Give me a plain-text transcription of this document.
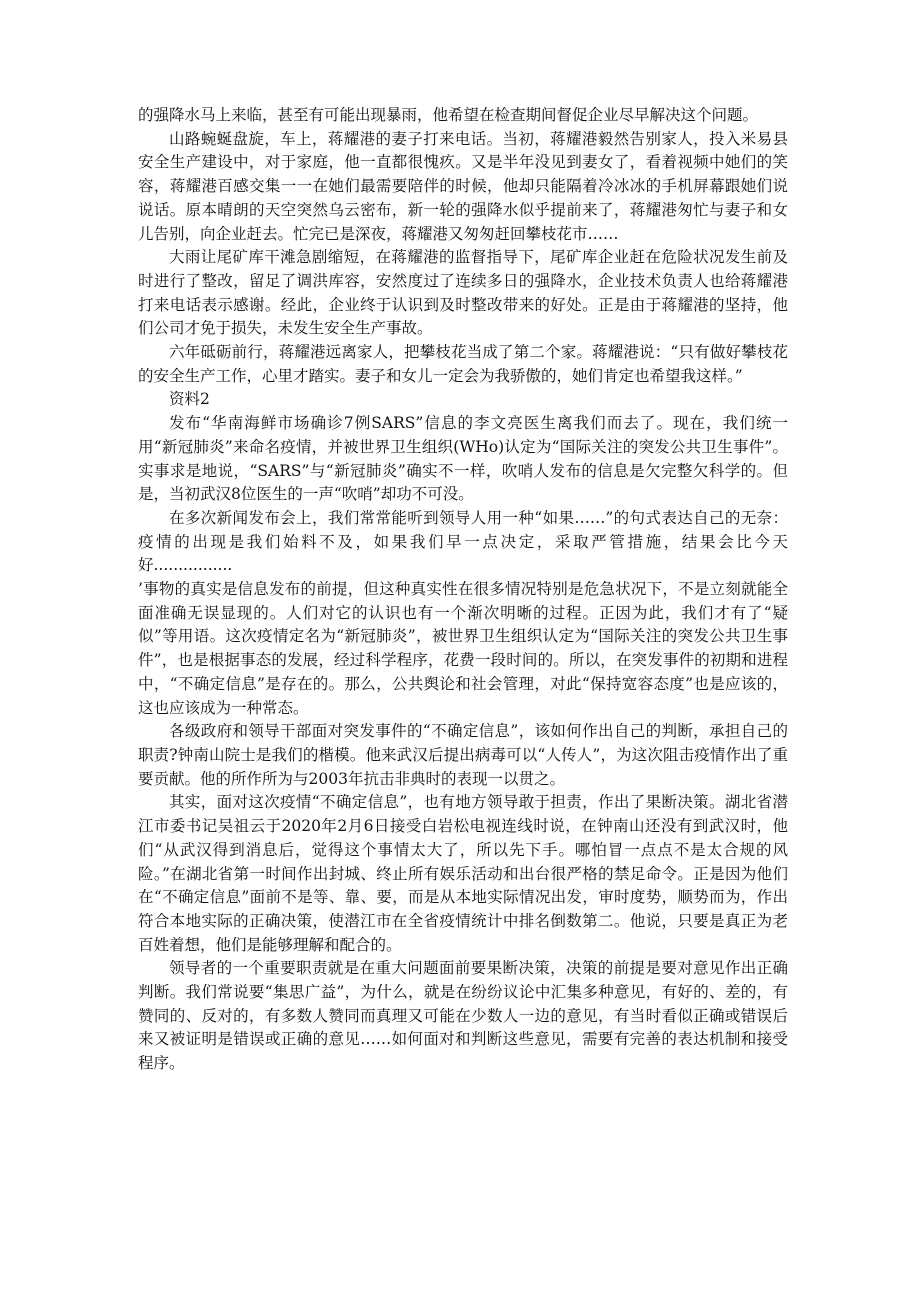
的强降水马上来临，甚至有可能出现暴雨，他希望在检查期间督促企业尽早解决这个问题。

山路蜿蜒盘旋，车上，蒋耀港的妻子打来电话。当初，蒋耀港毅然告别家人，投入米易县安全生产建设中，对于家庭，他一直都很愧疚。又是半年没见到妻女了，看着视频中她们的笑容，蒋耀港百感交集一一在她们最需要陪伴的时候，他却只能隔着冷冰冰的手机屏幕跟她们说说话。原本晴朗的天空突然乌云密布，新一轮的强降水似乎提前来了，蒋耀港匆忙与妻子和女儿告别，向企业赶去。忙完已是深夜，蒋耀港又匆匆赶回攀枝花市……

大雨让尾矿库干滩急剧缩短，在蒋耀港的监督指导下，尾矿库企业赶在危险状况发生前及时进行了整改，留足了调洪库容，安然度过了连续多日的强降水，企业技术负责人也给蒋耀港打来电话表示感谢。经此，企业终于认识到及时整改带来的好处。正是由于蒋耀港的坚持，他们公司才免于损失，未发生安全生产事故。

六年砥砺前行，蒋耀港远离家人，把攀枝花当成了第二个家。蒋耀港说：“只有做好攀枝花的安全生产工作，心里才踏实。妻子和女儿一定会为我骄傲的，她们肯定也希望我这样。”

资料2

发布“华南海鲜市场确诊7例SARS”信息的李文亮医生离我们而去了。现在，我们统一用“新冠肺炎”来命名疫情，并被世界卫生组织(WHo)认定为“国际关注的突发公共卫生事件”。实事求是地说，“SARS”与“新冠肺炎”确实不一样，吹哨人发布的信息是欠完整欠科学的。但是，当初武汉8位医生的一声“吹哨”却功不可没。

在多次新闻发布会上，我们常常能听到领导人用一种“如果……”的句式表达自己的无奈：疫情的出现是我们始料不及，如果我们早一点决定，采取严管措施，结果会比今天好................

’事物的真实是信息发布的前提，但这种真实性在很多情况特别是危急状况下，不是立刻就能全面准确无误显现的。人们对它的认识也有一个渐次明晰的过程。正因为此，我们才有了“疑似”等用语。这次疫情定名为“新冠肺炎”，被世界卫生组织认定为“国际关注的突发公共卫生事件”，也是根据事态的发展，经过科学程序，花费一段时间的。所以，在突发事件的初期和进程中，“不确定信息”是存在的。那么，公共舆论和社会管理，对此“保持宽容态度”也是应该的，这也应该成为一种常态。

各级政府和领导干部面对突发事件的“不确定信息”，该如何作出自己的判断，承担自己的职责?钟南山院士是我们的楷模。他来武汉后提出病毒可以“人传人”，为这次阻击疫情作出了重要贡献。他的所作所为与2003年抗击非典时的表现一以贯之。

其实，面对这次疫情“不确定信息”，也有地方领导敢于担责，作出了果断决策。湖北省潜江市委书记吴祖云于2020年2月6日接受白岩松电视连线时说，在钟南山还没有到武汉时，他们“从武汉得到消息后，觉得这个事情太大了，所以先下手。哪怕冒一点点不是太合规的风险。”在湖北省第一时间作出封城、终止所有娱乐活动和出台很严格的禁足命令。正是因为他们在“不确定信息”面前不是等、靠、要，而是从本地实际情况出发，审时度势，顺势而为，作出符合本地实际的正确决策，使潜江市在全省疫情统计中排名倒数第二。他说，只要是真正为老百姓着想，他们是能够理解和配合的。

领导者的一个重要职责就是在重大问题面前要果断决策，决策的前提是要对意见作出正确判断。我们常说要“集思广益”，为什么，就是在纷纷议论中汇集多种意见，有好的、差的，有赞同的、反对的，有多数人赞同而真理又可能在少数人一边的意见，有当时看似正确或错误后来又被证明是错误或正确的意见……如何面对和判断这些意见，需要有完善的表达机制和接受程序。
